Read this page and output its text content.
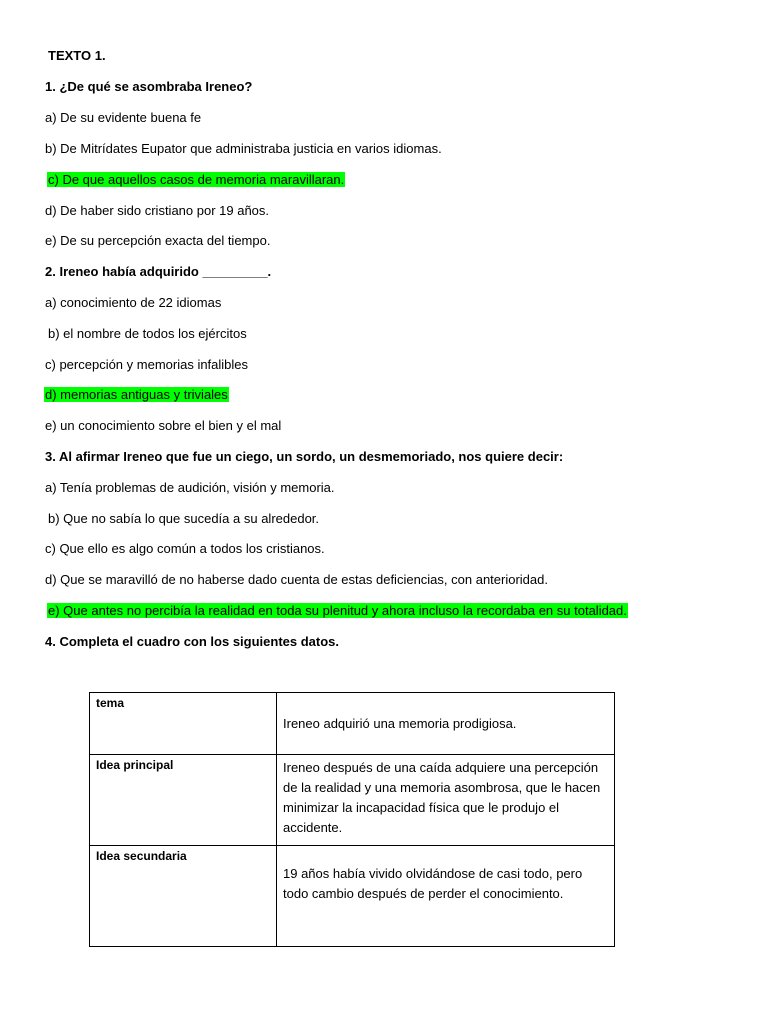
TEXTO 1.
1. ¿De qué se asombraba Ireneo?
a) De su evidente buena fe
b) De Mitrídates Eupator que administraba justicia en varios idiomas.
c) De que aquellos casos de memoria maravillaran.
d) De haber sido cristiano por 19 años.
e) De su percepción exacta del tiempo.
2. Ireneo había adquirido _________.
a) conocimiento de 22 idiomas
b) el nombre de todos los ejércitos
c) percepción y memorias infalibles
d) memorias antiguas y triviales
e) un conocimiento sobre el bien y el mal
3. Al afirmar Ireneo que fue un ciego, un sordo, un desmemoriado, nos quiere decir:
a) Tenía problemas de audición, visión y memoria.
b) Que no sabía lo que sucedía a su alrededor.
c) Que ello es algo común a todos los cristianos.
d) Que se maravilló de no haberse dado cuenta de estas deficiencias, con anterioridad.
e) Que antes no percibía la realidad en toda su plenitud y ahora incluso la recordaba en su totalidad.
4. Completa el cuadro con los siguientes datos.
tema	Ireneo adquirió una memoria prodigiosa.
Idea principal	Ireneo después de una caída adquiere una percepción de la realidad y una memoria asombrosa, que le hacen minimizar la incapacidad física que le produjo el accidente.
Idea secundaria	19 años había vivido olvidándose de casi todo, pero todo cambio después de perder el conocimiento.
